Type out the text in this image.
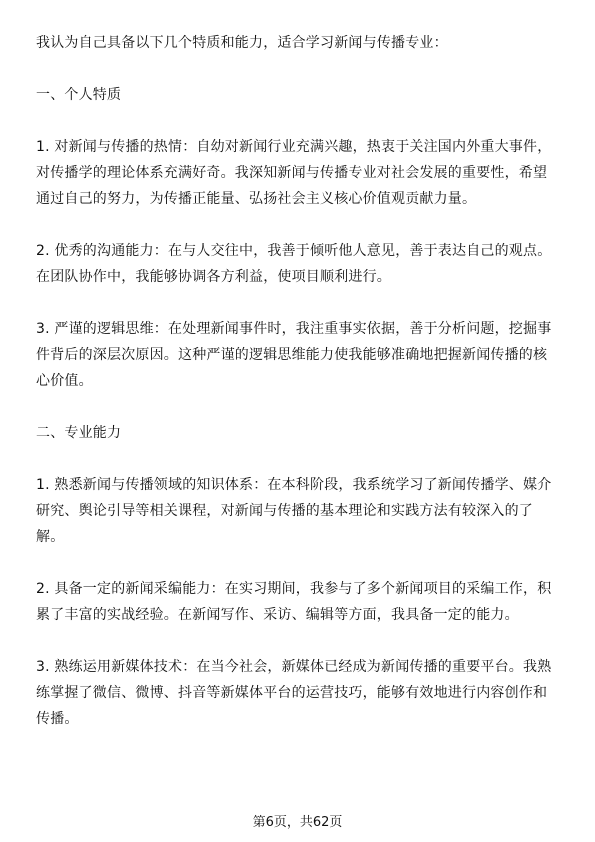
我认为自己具备以下几个特质和能力，适合学习新闻与传播专业：

一、个人特质

1. 对新闻与传播的热情：自幼对新闻行业充满兴趣，热衷于关注国内外重大事件，对传播学的理论体系充满好奇。我深知新闻与传播专业对社会发展的重要性，希望通过自己的努力，为传播正能量、弘扬社会主义核心价值观贡献力量。

2. 优秀的沟通能力：在与人交往中，我善于倾听他人意见，善于表达自己的观点。在团队协作中，我能够协调各方利益，使项目顺利进行。

3. 严谨的逻辑思维：在处理新闻事件时，我注重事实依据，善于分析问题，挖掘事件背后的深层次原因。这种严谨的逻辑思维能力使我能够准确地把握新闻传播的核心价值。

二、专业能力

1. 熟悉新闻与传播领域的知识体系：在本科阶段，我系统学习了新闻传播学、媒介研究、舆论引导等相关课程，对新闻与传播的基本理论和实践方法有较深入的了解。

2. 具备一定的新闻采编能力：在实习期间，我参与了多个新闻项目的采编工作，积累了丰富的实战经验。在新闻写作、采访、编辑等方面，我具备一定的能力。

3. 熟练运用新媒体技术：在当今社会，新媒体已经成为新闻传播的重要平台。我熟练掌握了微信、微博、抖音等新媒体平台的运营技巧，能够有效地进行内容创作和传播。

第6页，共62页
